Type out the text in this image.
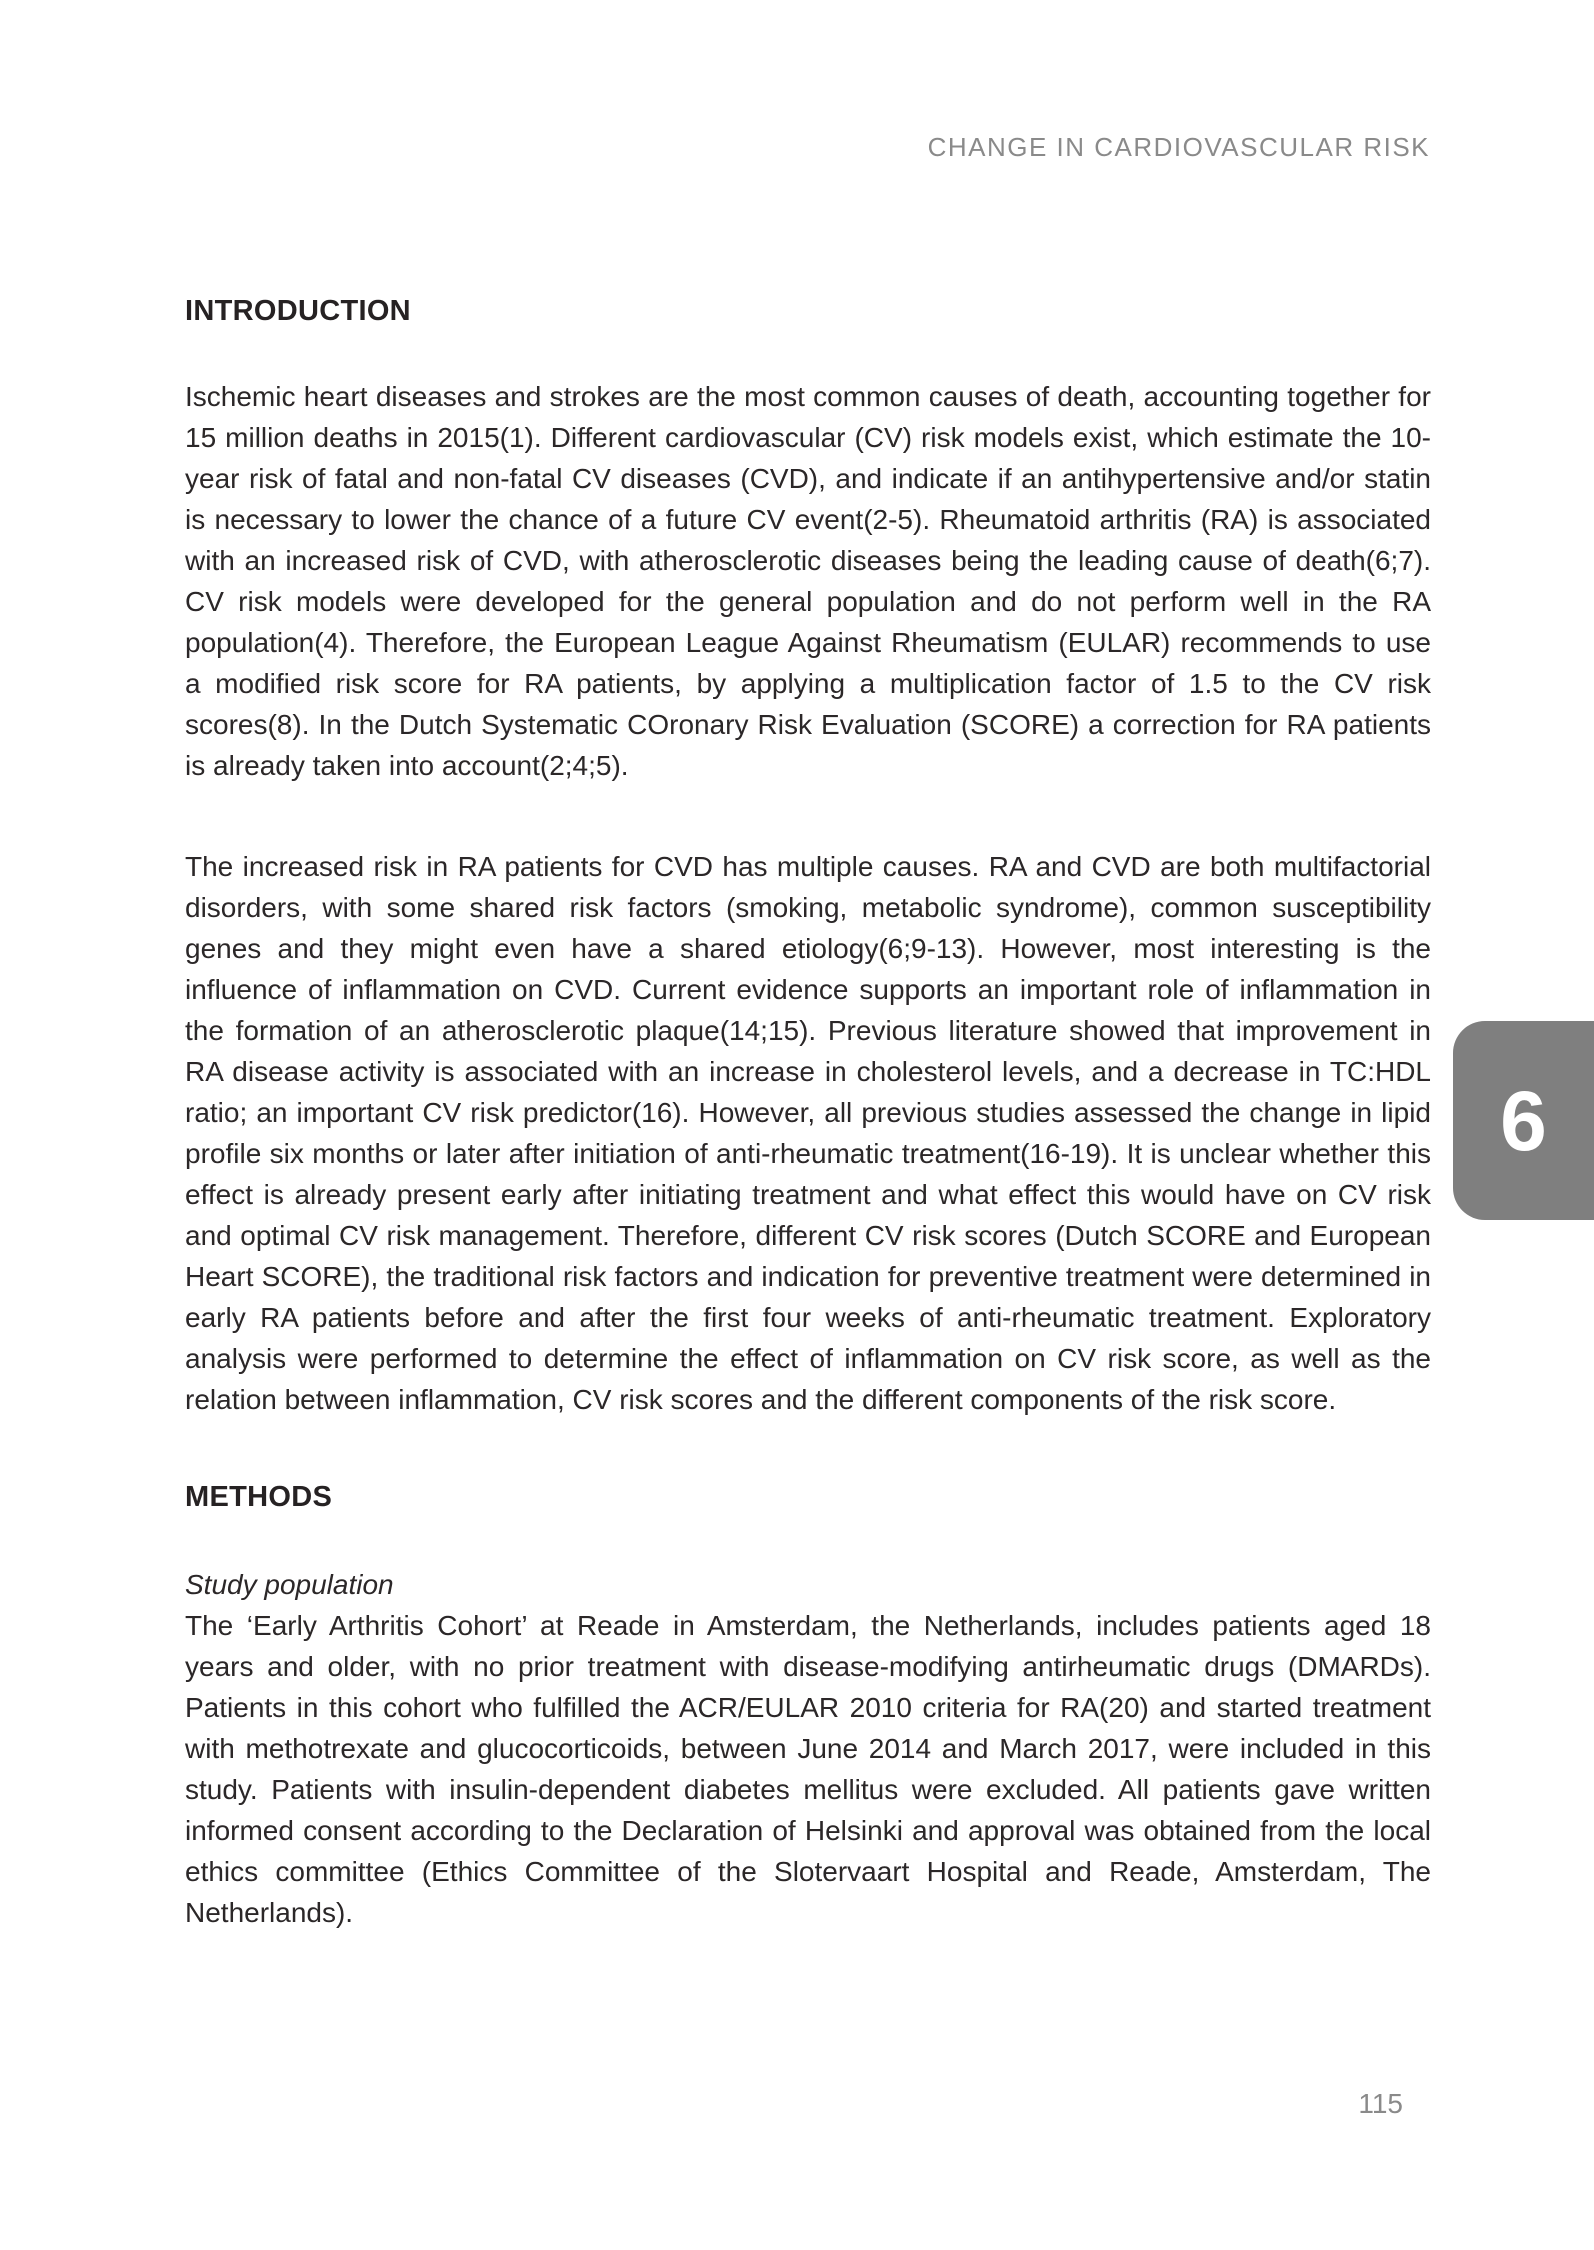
CHANGE IN CARDIOVASCULAR RISK
INTRODUCTION

Ischemic heart diseases and strokes are the most common causes of death, accounting together for 15 million deaths in 2015(1). Different cardiovascular (CV) risk models exist, which estimate the 10-year risk of fatal and non-fatal CV diseases (CVD), and indicate if an antihypertensive and/or statin is necessary to lower the chance of a future CV event(2-5). Rheumatoid arthritis (RA) is associated with an increased risk of CVD, with atherosclerotic diseases being the leading cause of death(6;7). CV risk models were developed for the general population and do not perform well in the RA population(4). Therefore, the European League Against Rheumatism (EULAR) recommends to use a modified risk score for RA patients, by applying a multiplication factor of 1.5 to the CV risk scores(8). In the Dutch Systematic COronary Risk Evaluation (SCORE) a correction for RA patients is already taken into account(2;4;5).

The increased risk in RA patients for CVD has multiple causes. RA and CVD are both multifactorial disorders, with some shared risk factors (smoking, metabolic syndrome), common susceptibility genes and they might even have a shared etiology(6;9-13). However, most interesting is the influence of inflammation on CVD. Current evidence supports an important role of inflammation in the formation of an atherosclerotic plaque(14;15). Previous literature showed that improvement in RA disease activity is associated with an increase in cholesterol levels, and a decrease in TC:HDL ratio; an important CV risk predictor(16). However, all previous studies assessed the change in lipid profile six months or later after initiation of anti-rheumatic treatment(16-19). It is unclear whether this effect is already present early after initiating treatment and what effect this would have on CV risk and optimal CV risk management. Therefore, different CV risk scores (Dutch SCORE and European Heart SCORE), the traditional risk factors and indication for preventive treatment were determined in early RA patients before and after the first four weeks of anti-rheumatic treatment. Exploratory analysis were performed to determine the effect of inflammation on CV risk score, as well as the relation between inflammation, CV risk scores and the different components of the risk score.

METHODS
Study population

The ‘Early Arthritis Cohort’ at Reade in Amsterdam, the Netherlands, includes patients aged 18 years and older, with no prior treatment with disease-modifying antirheumatic drugs (DMARDs). Patients in this cohort who fulfilled the ACR/EULAR 2010 criteria for RA(20) and started treatment with methotrexate and glucocorticoids, between June 2014 and March 2017, were included in this study. Patients with insulin-dependent diabetes mellitus were excluded. All patients gave written informed consent according to the Declaration of Helsinki and approval was obtained from the local ethics committee (Ethics Committee of the Slotervaart Hospital and Reade, Amsterdam, The Netherlands).

6
115
